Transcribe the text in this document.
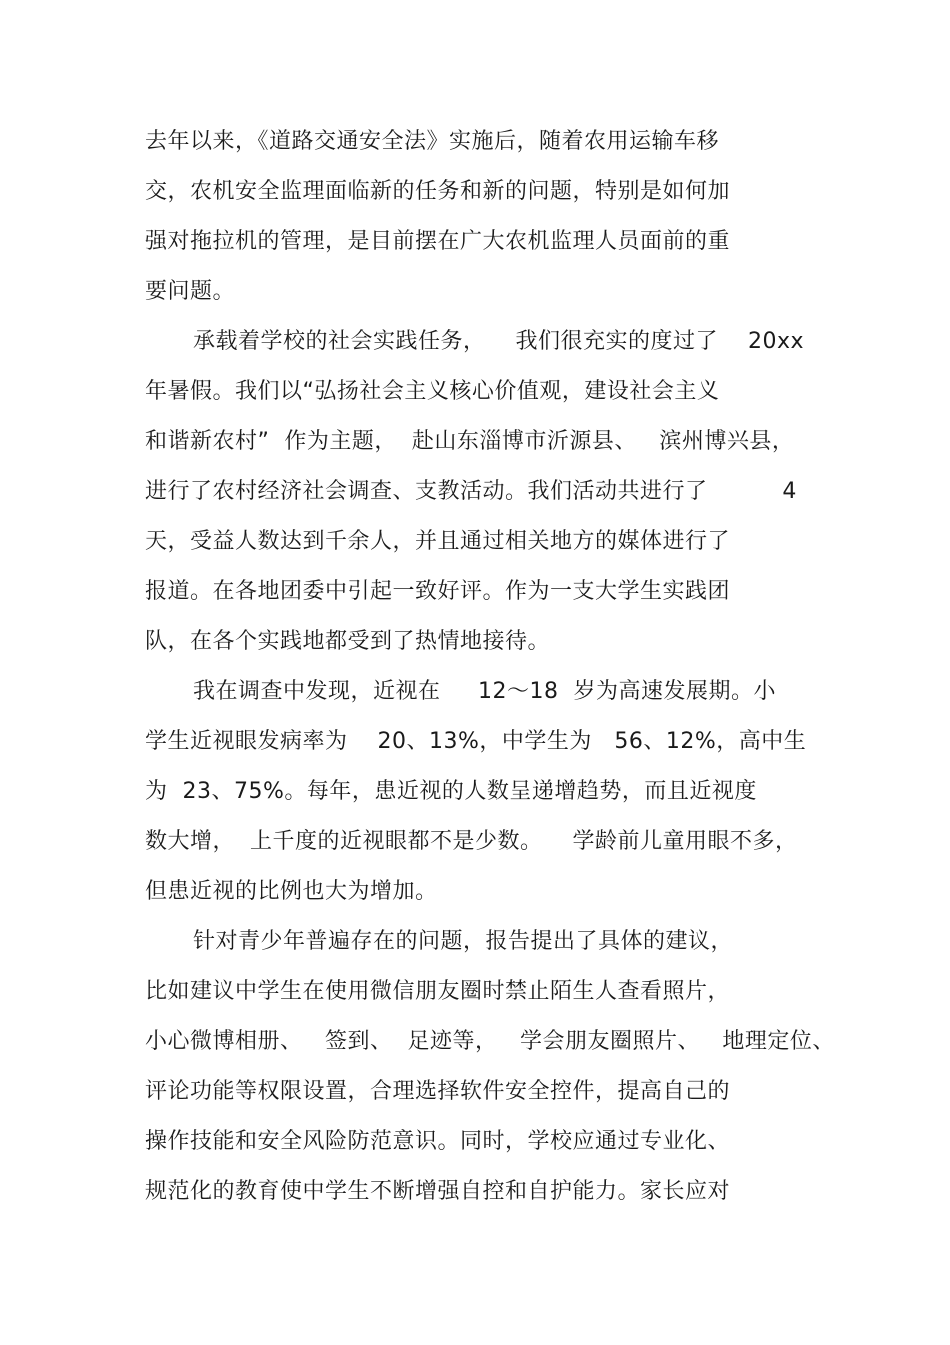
去年以来，《道路交通安全法》实施后，随着农用运输车移
交，农机安全监理面临新的任务和新的问题，特别是如何加
强对拖拉机的管理，是目前摆在广大农机监理人员面前的重
要问题。
承载着学校的社会实践任务，    我们很充实的度过了    20xx
年暑假。我们以“弘扬社会主义核心价值观，建设社会主义
和谐新农村”  作为主题，  赴山东淄博市沂源县、   滨州博兴县，
进行了农村经济社会调查、支教活动。我们活动共进行了          4
天，受益人数达到千余人，并且通过相关地方的媒体进行了
报道。在各地团委中引起一致好评。作为一支大学生实践团
队，在各个实践地都受到了热情地接待。
我在调查中发现，近视在     12～18  岁为高速发展期。小
学生近视眼发病率为    20、13%，中学生为   56、12%，高中生
为  23、75%。每年，患近视的人数呈递增趋势，而且近视度
数大增，  上千度的近视眼都不是少数。    学龄前儿童用眼不多，
但患近视的比例也大为增加。
针对青少年普遍存在的问题，报告提出了具体的建议，
比如建议中学生在使用微信朋友圈时禁止陌生人查看照片，
小心微博相册、   签到、  足迹等，   学会朋友圈照片、   地理定位、
评论功能等权限设置，合理选择软件安全控件，提高自己的
操作技能和安全风险防范意识。同时，学校应通过专业化、
规范化的教育使中学生不断增强自控和自护能力。家长应对
